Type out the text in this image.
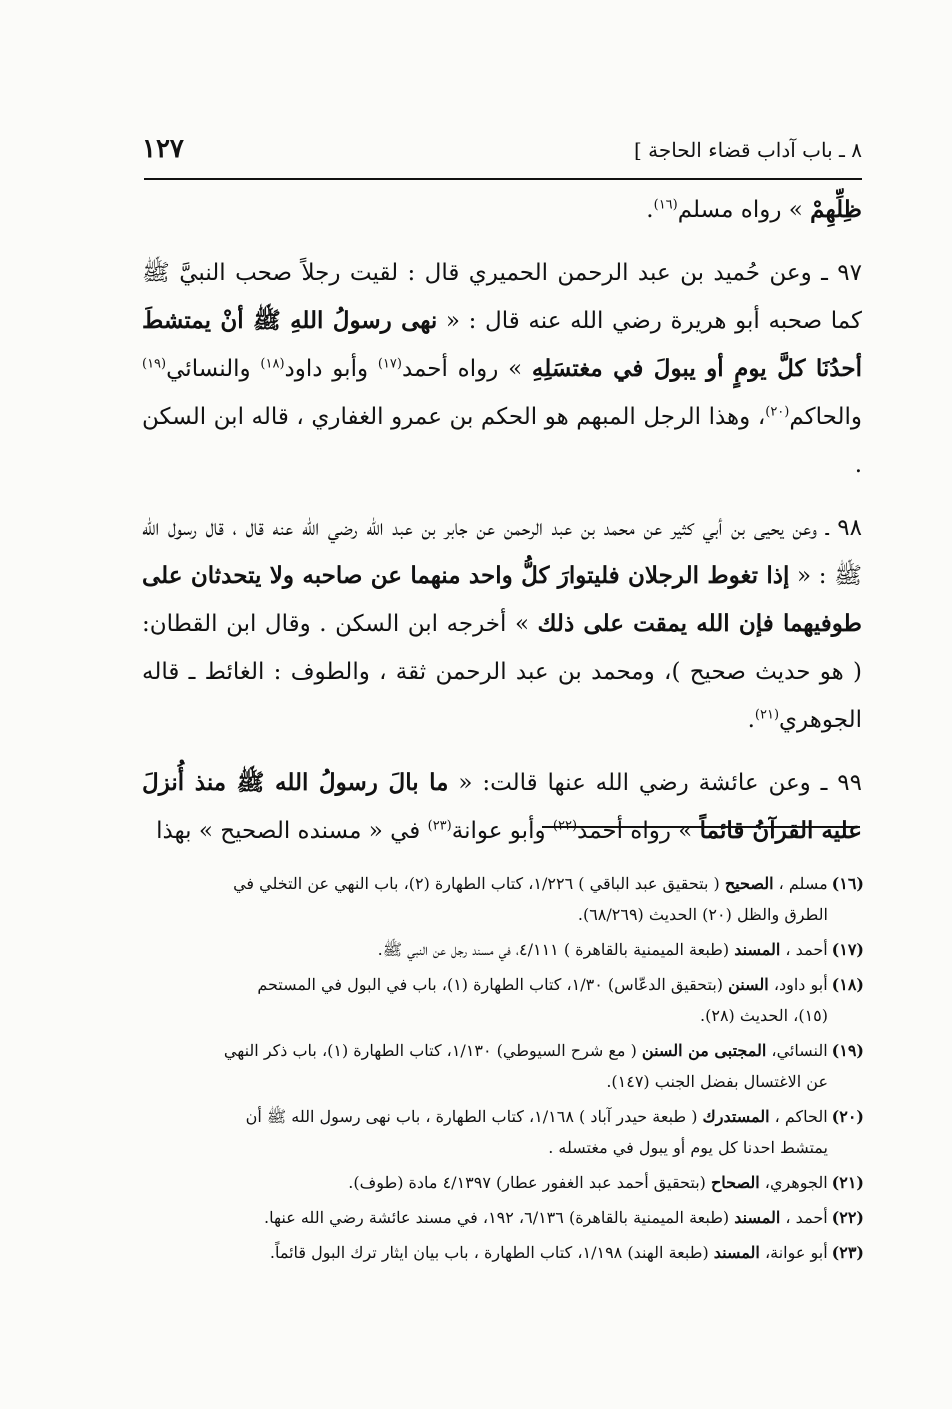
١٢٧	٨ ـ باب آداب قضاء الحاجة ]

ظِلِّهِمْ » رواه مسلم$^{(١٦)}$.

٩٧ ـ وعن حُميد بن عبد الرحمن الحميري قال : لقيت رجلاً صحب النبيَّ ﷺ كما صحبه أبو هريرة رضي الله عنه قال : « نهى رسولُ اللهِ ﷺ أنْ يمتشطَ أحدُنَا كلَّ يومٍ أو يبولَ في مغتسَلِهِ » رواه أحمد$^{(١٧)}$ وأبو داود$^{(١٨)}$ والنسائي$^{(١٩)}$ والحاكم$^{(٢٠)}$، وهذا الرجل المبهم هو الحكم بن عمرو الغفاري ، قاله ابن السكن .

٩٨ ـ وعن يحيى بن أبي كثير عن محمد بن عبد الرحمن عن جابر بن عبد الله رضي الله عنه قال ، قال رسول الله ﷺ : « إذا تغوط الرجلان فليتوارَ كلُّ واحد منهما عن صاحبه ولا يتحدثان على طوفيهما فإن الله يمقت على ذلك » أخرجه ابن السكن . وقال ابن القطان: ( هو حديث صحيح )، ومحمد بن عبد الرحمن ثقة ، والطوف : الغائط ـ قاله الجوهري$^{(٢١)}$.

٩٩ ـ وعن عائشة رضي الله عنها قالت: « ما بالَ رسولُ الله ﷺ منذ أُنزلَ عليه القرآنُ قائماً » رواه أحمد$^{(٢٢)}$ وأبو عوانة$^{(٢٣)}$ في « مسنده الصحيح » بهذا

(١٦)مسلم ، الصحيح ( بتحقيق عبد الباقي ) ١/٢٢٦، كتاب الطهارة (٢)، باب النهي عن التخلي في
الطرق والظل (٢٠) الحديث (٦٨/٢٦٩).

(١٧)أحمد ، المسند (طبعة الميمنية بالقاهرة ) ٤/١١١، في مسند رجل عن النبي ﷺ.

(١٨)أبو داود، السنن (بتحقيق الدعّاس) ١/٣٠، كتاب الطهارة (١)، باب في البول في المستحم
(١٥)، الحديث (٢٨).

(١٩)النسائي، المجتبى من السنن ( مع شرح السيوطي) ١/١٣٠، كتاب الطهارة (١)، باب ذكر النهي
عن الاغتسال بفضل الجنب (١٤٧).

(٢٠)الحاكم ، المستدرك ( طبعة حيدر آباد ) ١/١٦٨، كتاب الطهارة ، باب نهى رسول الله ﷺ أن
يمتشط احدنا كل يوم أو يبول في مغتسله .

(٢١)الجوهري، الصحاح (بتحقيق أحمد عبد الغفور عطار) ٤/١٣٩٧ مادة (طوف).

(٢٢)أحمد ، المسند (طبعة الميمنية بالقاهرة) ٦/١٣٦، ١٩٢، في مسند عائشة رضي الله عنها.

(٢٣)أبو عوانة، المسند (طبعة الهند) ١/١٩٨، كتاب الطهارة ، باب بيان ايثار ترك البول قائماً.
